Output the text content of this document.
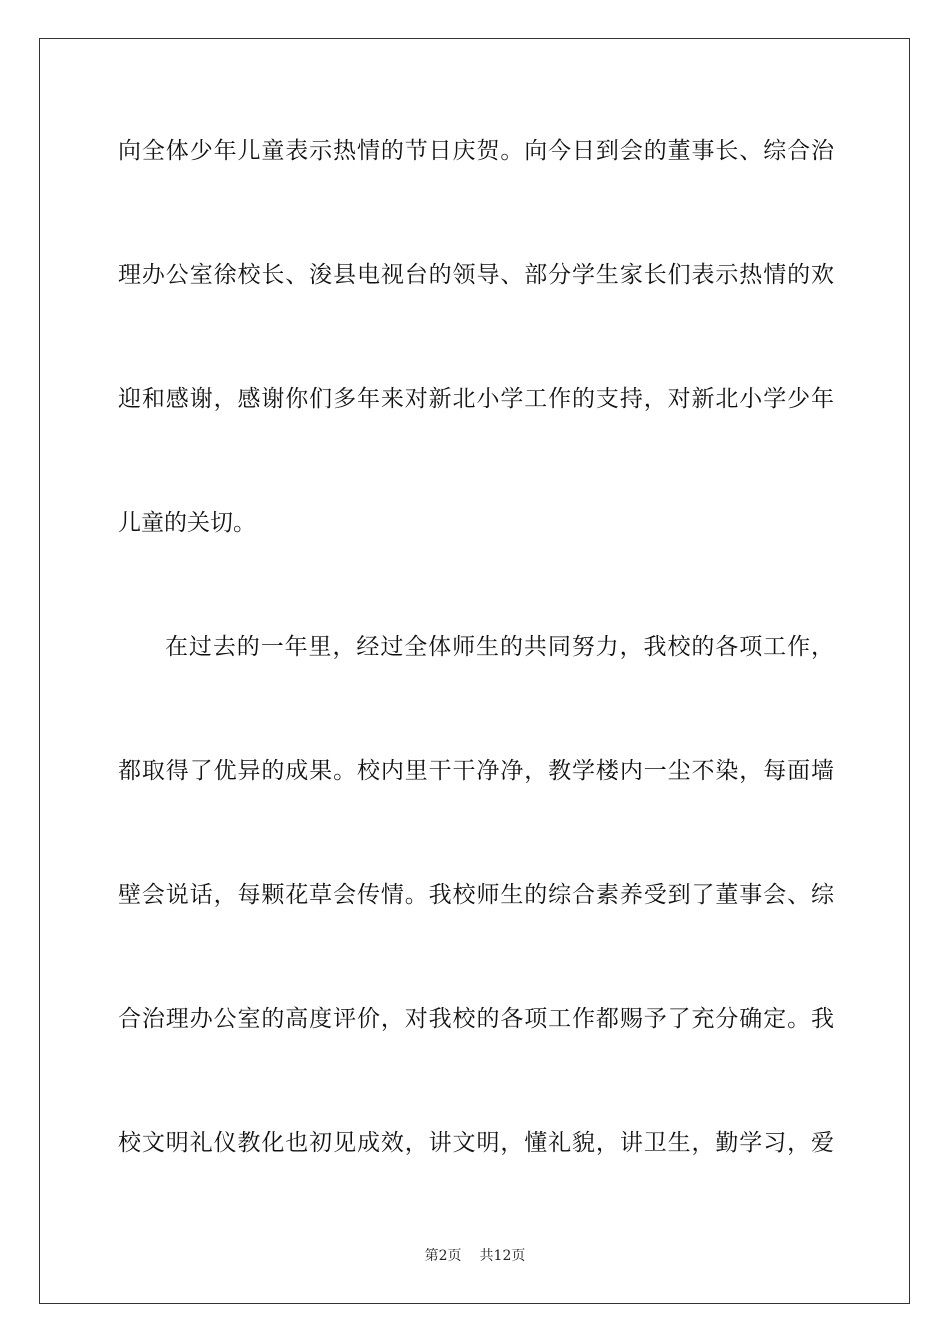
向全体少年儿童表示热情的节日庆贺。向今日到会的董事长、综合治
理办公室徐校长、浚县电视台的领导、部分学生家长们表示热情的欢
迎和感谢，感谢你们多年来对新北小学工作的支持，对新北小学少年
儿童的关切。
在过去的一年里，经过全体师生的共同努力，我校的各项工作，
都取得了优异的成果。校内里干干净净，教学楼内一尘不染，每面墙
壁会说话，每颗花草会传情。我校师生的综合素养受到了董事会、综
合治理办公室的高度评价，对我校的各项工作都赐予了充分确定。我
校文明礼仪教化也初见成效，讲文明，懂礼貌，讲卫生，勤学习，爱
第2页 共12页
